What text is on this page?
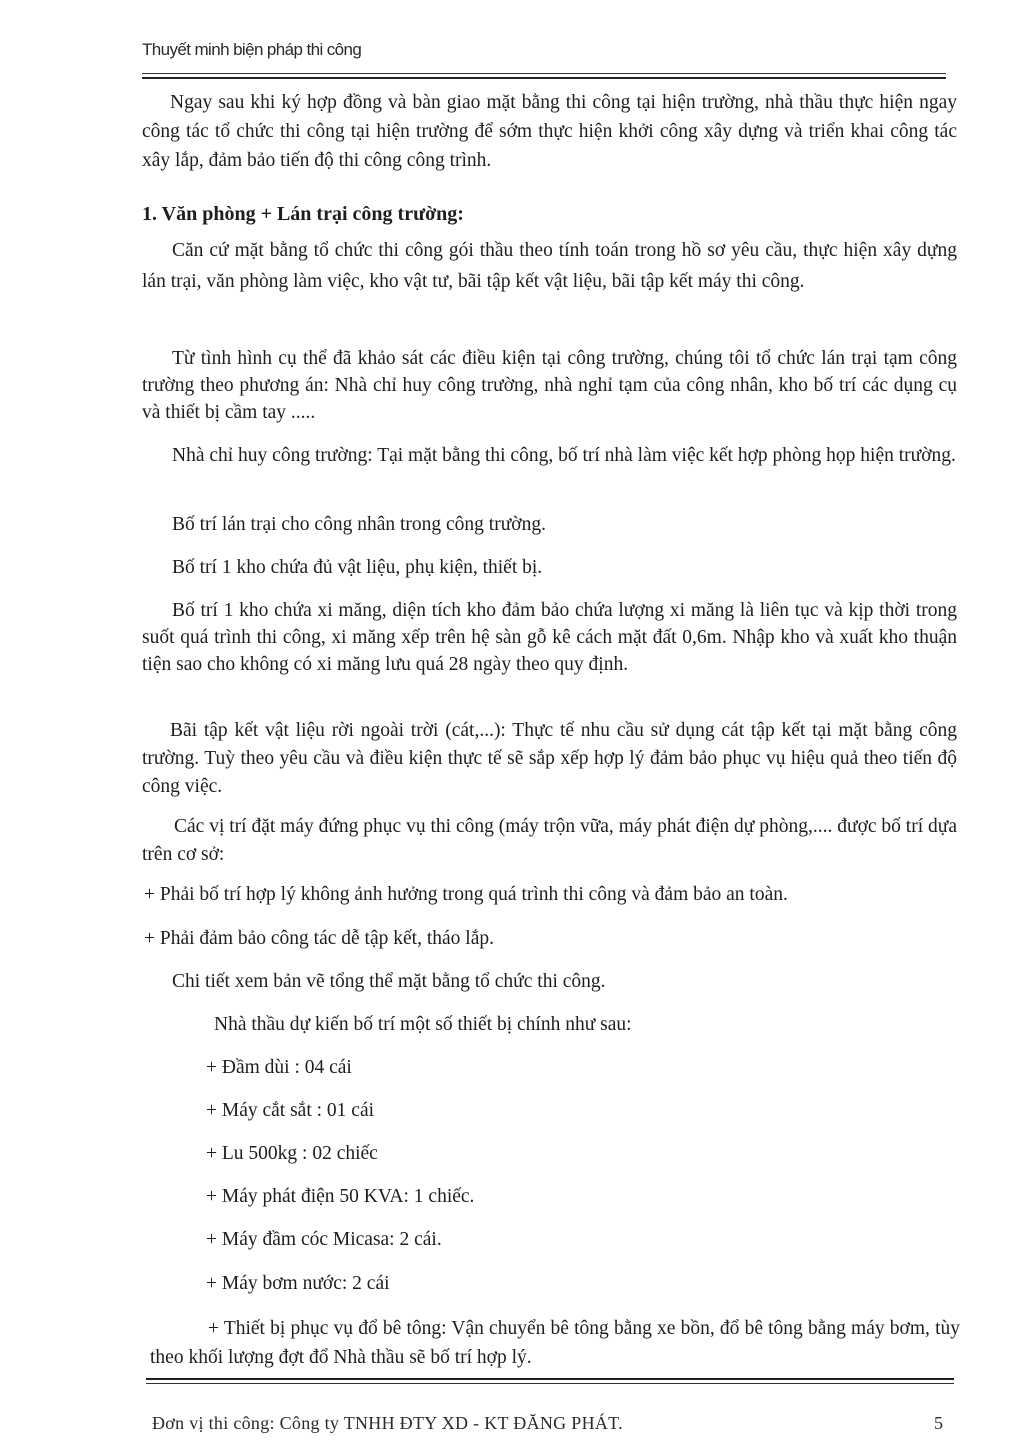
Thuyết minh biện pháp thi công

Ngay sau khi ký hợp đồng và bàn giao mặt bằng thi công tại hiện trường, nhà thầu thực hiện ngay công tác tổ chức thi công tại hiện trường để sớm thực hiện khởi công xây dựng và triển khai công tác xây lắp, đảm bảo tiến độ thi công công trình.

1. Văn phòng + Lán trại công trường:

Căn cứ mặt bằng tổ chức thi công gói thầu theo tính toán trong hồ sơ yêu cầu, thực hiện xây dựng lán trại, văn phòng làm việc, kho vật tư, bãi tập kết vật liệu, bãi tập kết máy thi công.

Từ tình hình cụ thể đã khảo sát các điều kiện tại công trường, chúng tôi tổ chức lán trại tạm công trường theo phương án: Nhà chỉ huy công trường, nhà nghỉ tạm của công nhân, kho bố trí các dụng cụ và thiết bị cầm tay .....

Nhà chỉ huy công trường: Tại mặt bằng thi công, bố trí nhà làm việc kết hợp phòng họp hiện trường.

Bố trí lán trại cho công nhân trong công trường.

Bố trí 1 kho chứa đủ vật liệu, phụ kiện, thiết bị.

Bố trí 1 kho chứa xi măng, diện tích kho đảm bảo chứa lượng xi măng là liên tục và kịp thời trong suốt quá trình thi công, xi măng xếp trên hệ sàn gỗ kê cách mặt đất 0,6m. Nhập kho và xuất kho thuận tiện sao cho không có xi măng lưu quá 28 ngày theo quy định.

Bãi tập kết vật liệu rời ngoài trời (cát,...): Thực tế nhu cầu sử dụng cát tập kết tại mặt bằng công trường. Tuỳ theo yêu cầu và điều kiện thực tế sẽ sắp xếp hợp lý đảm bảo phục vụ hiệu quả theo tiến độ công việc.

Các vị trí đặt máy đứng phục vụ thi công (máy trộn vữa, máy phát điện dự phòng,.... được bố trí dựa trên cơ sở:

+ Phải bố trí hợp lý không ảnh hưởng trong quá trình thi công và đảm bảo an toàn.

+ Phải đảm bảo công tác dễ tập kết, tháo lắp.

Chi tiết xem bản vẽ tổng thể mặt bằng tổ chức thi công.

Nhà thầu dự kiến bố trí một số thiết bị chính như sau:

+ Đầm dùi : 04 cái

+ Máy cắt sắt : 01 cái

+ Lu 500kg : 02 chiếc

+ Máy phát điện 50 KVA: 1 chiếc.

+ Máy đầm cóc Micasa: 2 cái.

+ Máy bơm nước: 2 cái

+ Thiết bị phục vụ đổ bê tông: Vận chuyển bê tông bằng xe bồn, đổ bê tông bằng máy bơm, tùy theo khối lượng đợt đổ Nhà thầu sẽ bố trí hợp lý.

Đơn vị thi công: Công ty TNHH ĐTY XD - KT ĐĂNG PHÁT.	5
